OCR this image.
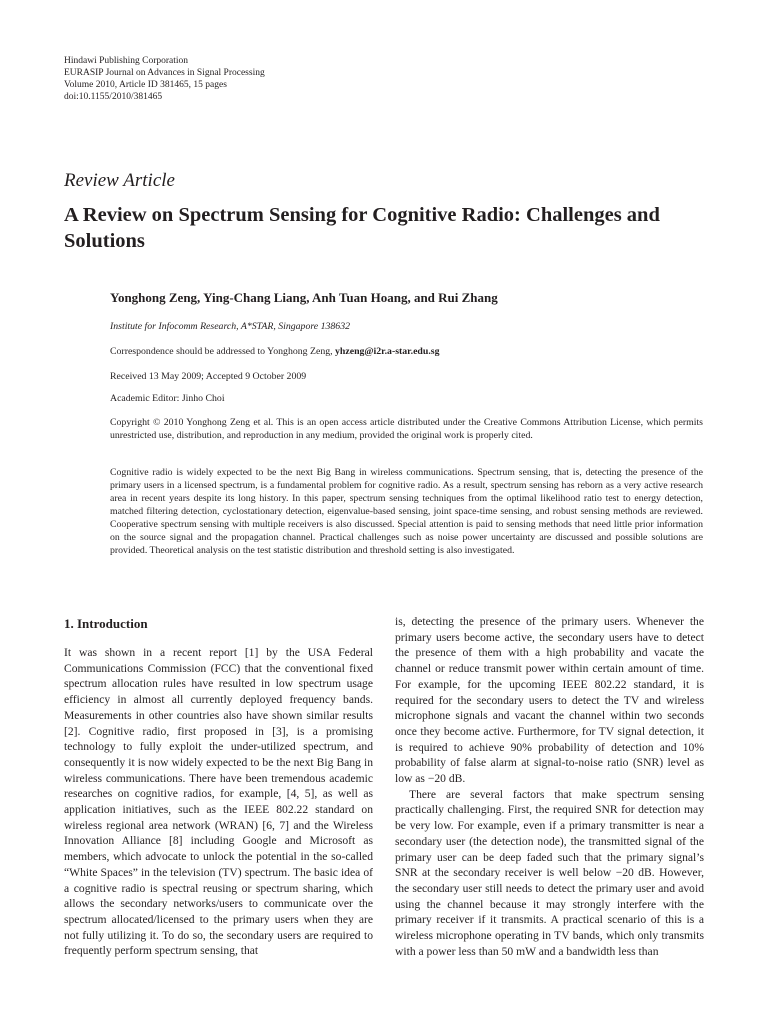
Hindawi Publishing Corporation
EURASIP Journal on Advances in Signal Processing
Volume 2010, Article ID 381465, 15 pages
doi:10.1155/2010/381465
Review Article
A Review on Spectrum Sensing for Cognitive Radio: Challenges and Solutions
Yonghong Zeng, Ying-Chang Liang, Anh Tuan Hoang, and Rui Zhang
Institute for Infocomm Research, A*STAR, Singapore 138632
Correspondence should be addressed to Yonghong Zeng, yhzeng@i2r.a-star.edu.sg
Received 13 May 2009; Accepted 9 October 2009
Academic Editor: Jinho Choi
Copyright © 2010 Yonghong Zeng et al. This is an open access article distributed under the Creative Commons Attribution License, which permits unrestricted use, distribution, and reproduction in any medium, provided the original work is properly cited.
Cognitive radio is widely expected to be the next Big Bang in wireless communications. Spectrum sensing, that is, detecting the presence of the primary users in a licensed spectrum, is a fundamental problem for cognitive radio. As a result, spectrum sensing has reborn as a very active research area in recent years despite its long history. In this paper, spectrum sensing techniques from the optimal likelihood ratio test to energy detection, matched filtering detection, cyclostationary detection, eigenvalue-based sensing, joint space-time sensing, and robust sensing methods are reviewed. Cooperative spectrum sensing with multiple receivers is also discussed. Special attention is paid to sensing methods that need little prior information on the source signal and the propagation channel. Practical challenges such as noise power uncertainty are discussed and possible solutions are provided. Theoretical analysis on the test statistic distribution and threshold setting is also investigated.
1. Introduction

It was shown in a recent report [1] by the USA Federal Communications Commission (FCC) that the conventional fixed spectrum allocation rules have resulted in low spectrum usage efficiency in almost all currently deployed frequency bands. Measurements in other countries also have shown similar results [2]. Cognitive radio, first proposed in [3], is a promising technology to fully exploit the under-utilized spectrum, and consequently it is now widely expected to be the next Big Bang in wireless communications. There have been tremendous academic researches on cognitive radios, for example, [4, 5], as well as application initiatives, such as the IEEE 802.22 standard on wireless regional area network (WRAN) [6, 7] and the Wireless Innovation Alliance [8] including Google and Microsoft as members, which advocate to unlock the potential in the so-called “White Spaces” in the television (TV) spectrum. The basic idea of a cognitive radio is spectral reusing or spectrum sharing, which allows the secondary networks/users to communicate over the spectrum allocated/licensed to the primary users when they are not fully utilizing it. To do so, the secondary users are required to frequently perform spectrum sensing, that

is, detecting the presence of the primary users. Whenever the primary users become active, the secondary users have to detect the presence of them with a high probability and vacate the channel or reduce transmit power within certain amount of time. For example, for the upcoming IEEE 802.22 standard, it is required for the secondary users to detect the TV and wireless microphone signals and vacant the channel within two seconds once they become active. Furthermore, for TV signal detection, it is required to achieve 90% probability of detection and 10% probability of false alarm at signal-to-noise ratio (SNR) level as low as −20 dB.

There are several factors that make spectrum sensing practically challenging. First, the required SNR for detection may be very low. For example, even if a primary transmitter is near a secondary user (the detection node), the transmitted signal of the primary user can be deep faded such that the primary signal’s SNR at the secondary receiver is well below −20 dB. However, the secondary user still needs to detect the primary user and avoid using the channel because it may strongly interfere with the primary receiver if it transmits. A practical scenario of this is a wireless microphone operating in TV bands, which only transmits with a power less than 50 mW and a bandwidth less than
